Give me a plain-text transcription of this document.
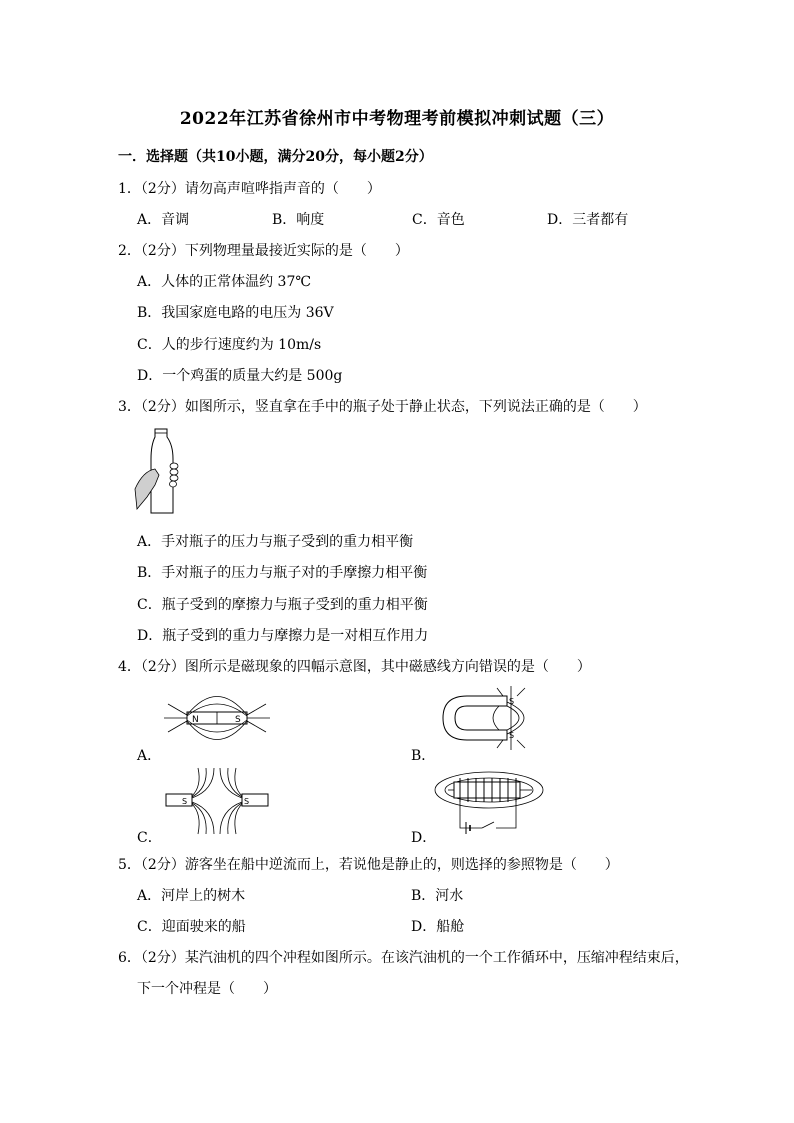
2022年江苏省徐州市中考物理考前模拟冲刺试题（三）
一．选择题（共10小题，满分20分，每小题2分）
1．（2分）请勿高声喧哗指声音的（　　）
A．音调	B．响度	C．音色	D．三者都有
2．（2分）下列物理量最接近实际的是（　　）
A．人体的正常体温约 37℃
B．我国家庭电路的电压为 36V
C．人的步行速度约为 10m/s
D．一个鸡蛋的质量大约是 500g
3．（2分）如图所示，竖直拿在手中的瓶子处于静止状态，下列说法正确的是（　　）
A．手对瓶子的压力与瓶子受到的重力相平衡
B．手对瓶子的压力与瓶子对的手摩擦力相平衡
C．瓶子受到的摩擦力与瓶子受到的重力相平衡
D．瓶子受到的重力与摩擦力是一对相互作用力
4．（2分）图所示是磁现象的四幅示意图，其中磁感线方向错误的是（　　）
N	S
A．
S
S
B．
S	S
C．	D．
5．（2分）游客坐在船中逆流而上，若说他是静止的，则选择的参照物是（　　）
A．河岸上的树木	B．河水
C．迎面驶来的船	D．船舱
6．（2分）某汽油机的四个冲程如图所示。在该汽油机的一个工作循环中，压缩冲程结束后，
下一个冲程是（　　）
